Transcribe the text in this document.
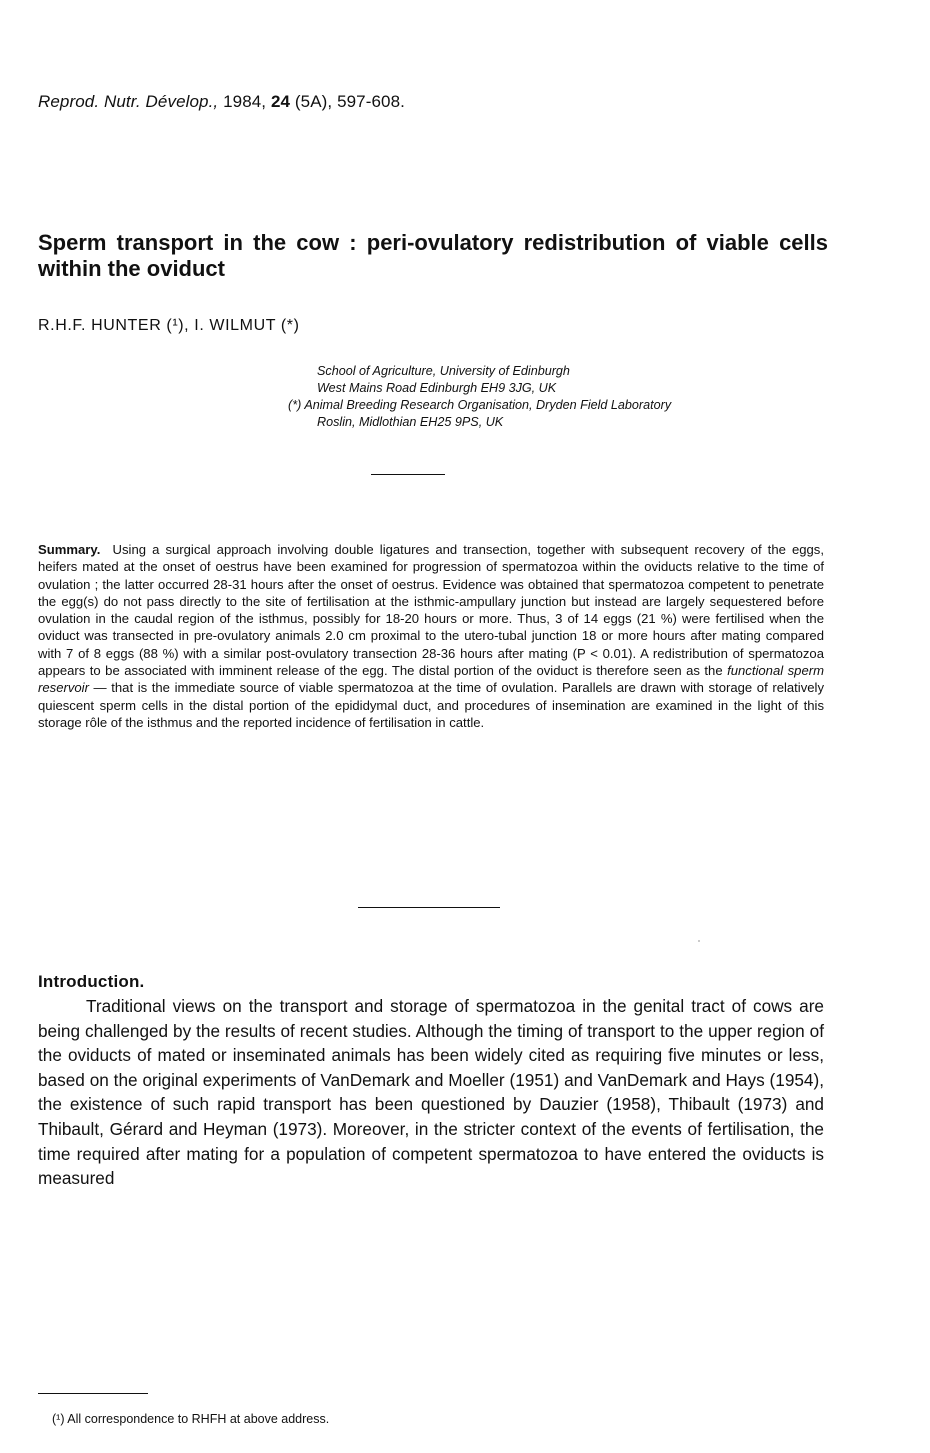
Reprod. Nutr. Dévelop., 1984, 24 (5A), 597-608.
Sperm transport in the cow : peri-ovulatory redistribution of viable cells within the oviduct
R.H.F. HUNTER (¹), I. WILMUT (*)
School of Agriculture, University of Edinburgh
West Mains Road Edinburgh EH9 3JG, UK
(*) Animal Breeding Research Organisation, Dryden Field Laboratory
Roslin, Midlothian EH25 9PS, UK

Summary. Using a surgical approach involving double ligatures and transection, together with subsequent recovery of the eggs, heifers mated at the onset of oestrus have been examined for progression of spermatozoa within the oviducts relative to the time of ovulation ; the latter occurred 28-31 hours after the onset of oestrus. Evidence was obtained that spermatozoa competent to penetrate the egg(s) do not pass directly to the site of fertilisation at the isthmic-ampullary junction but instead are largely sequestered before ovulation in the caudal region of the isthmus, possibly for 18-20 hours or more. Thus, 3 of 14 eggs (21 %) were fertilised when the oviduct was transected in pre-ovulatory animals 2.0 cm proximal to the utero-tubal junction 18 or more hours after mating compared with 7 of 8 eggs (88 %) with a similar post-ovulatory transection 28-36 hours after mating (P < 0.01). A redistribution of spermatozoa appears to be associated with imminent release of the egg. The distal portion of the oviduct is therefore seen as the functional sperm reservoir — that is the immediate source of viable spermatozoa at the time of ovulation. Parallels are drawn with storage of relatively quiescent sperm cells in the distal portion of the epididymal duct, and procedures of insemination are examined in the light of this storage rôle of the isthmus and the reported incidence of fertilisation in cattle.

Introduction.

Traditional views on the transport and storage of spermatozoa in the genital tract of cows are being challenged by the results of recent studies. Although the timing of transport to the upper region of the oviducts of mated or inseminated animals has been widely cited as requiring five minutes or less, based on the original experiments of VanDemark and Moeller (1951) and VanDemark and Hays (1954), the existence of such rapid transport has been questioned by Dauzier (1958), Thibault (1973) and Thibault, Gérard and Heyman (1973). Moreover, in the stricter context of the events of fertilisation, the time required after mating for a population of competent spermatozoa to have entered the oviducts is measured

(¹) All correspondence to RHFH at above address.
